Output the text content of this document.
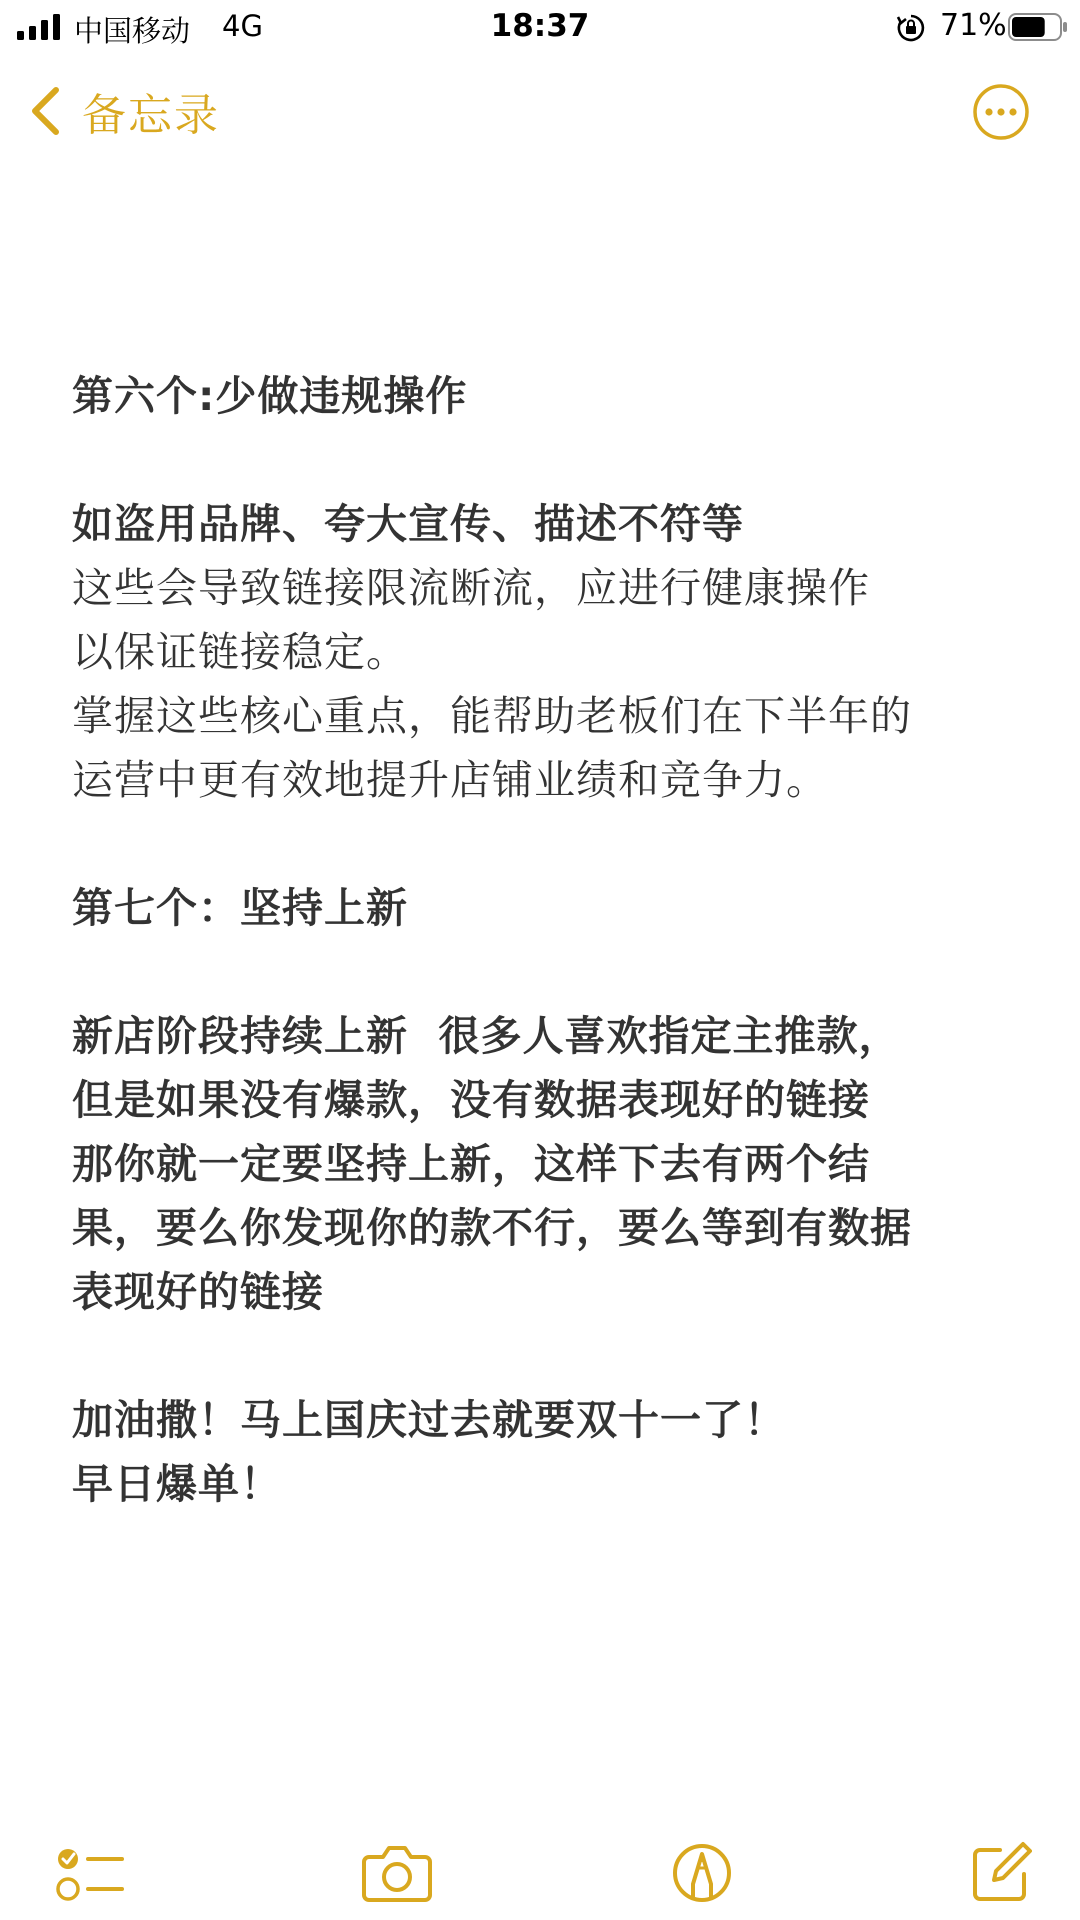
中国移动 4G	18:37	71%
备忘录
第六个:少做违规操作
如盗用品牌、夸大宣传、描述不符等
这些会导致链接限流断流，应进行健康操作
以保证链接稳定。
掌握这些核心重点，能帮助老板们在下半年的
运营中更有效地提升店铺业绩和竞争力。
第七个：坚持上新
新店阶段持续上新  很多人喜欢指定主推款，
但是如果没有爆款，没有数据表现好的链接
那你就一定要坚持上新，这样下去有两个结
果，要么你发现你的款不行，要么等到有数据
表现好的链接
加油撒！马上国庆过去就要双十一了！
早日爆单！
